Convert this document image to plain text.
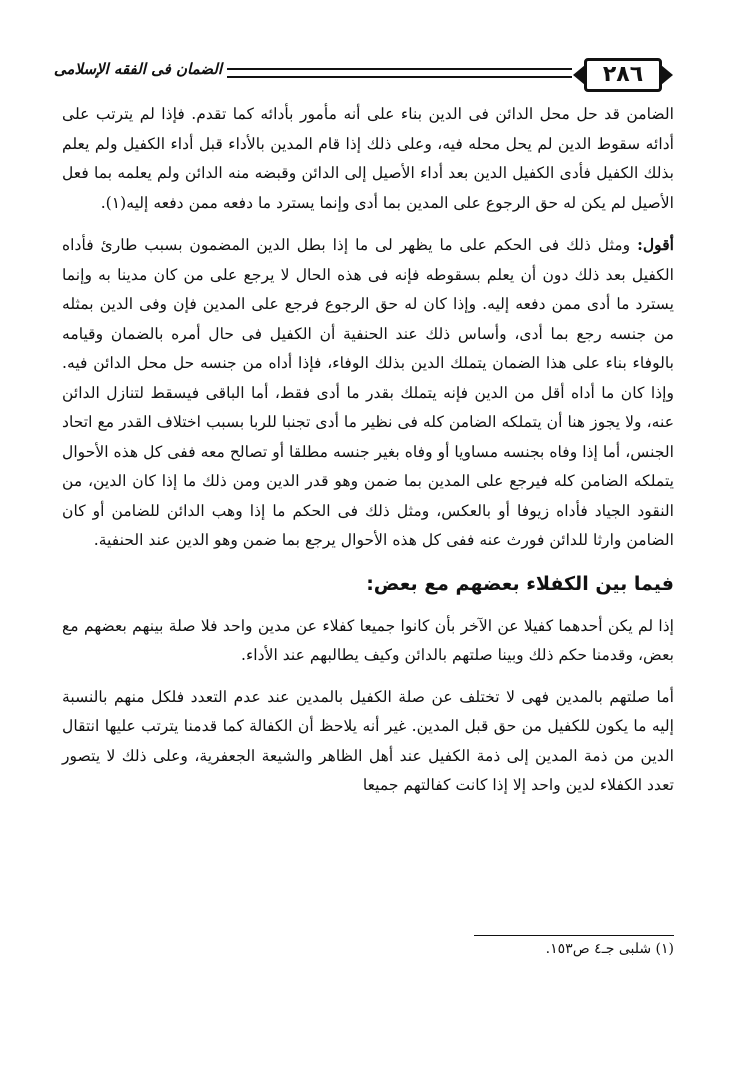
٢٨٦
الضمان فى الفقه الإسلامى

الضامن قد حل محل الدائن فى الدين بناء على أنه مأمور بأدائه كما تقدم. فإذا لم يترتب على أدائه سقوط الدين لم يحل محله فيه، وعلى ذلك إذا قام المدين بالأداء قبل أداء الكفيل ولم يعلم بذلك الكفيل فأدى الكفيل الدين بعد أداء الأصيل إلى الدائن وقبضه منه الدائن ولم يعلمه بما فعل الأصيل لم يكن له حق الرجوع على المدين بما أدى وإنما يسترد ما دفعه ممن دفعه إليه(١).

أقول: ومثل ذلك فى الحكم على ما يظهر لى ما إذا بطل الدين المضمون بسبب طارئ فأداه الكفيل بعد ذلك دون أن يعلم بسقوطه فإنه فى هذه الحال لا يرجع على من كان مدينا به وإنما يسترد ما أدى ممن دفعه إليه. وإذا كان له حق الرجوع فرجع على المدين فإن وفى الدين بمثله من جنسه رجع بما أدى، وأساس ذلك عند الحنفية أن الكفيل فى حال أمره بالضمان وقيامه بالوفاء بناء على هذا الضمان يتملك الدين بذلك الوفاء، فإذا أداه من جنسه حل محل الدائن فيه. وإذا كان ما أداه أقل من الدين فإنه يتملك بقدر ما أدى فقط، أما الباقى فيسقط لتنازل الدائن عنه، ولا يجوز هنا أن يتملكه الضامن كله فى نظير ما أدى تجنبا للربا بسبب اختلاف القدر مع اتحاد الجنس، أما إذا وفاه بجنسه مساويا أو وفاه بغير جنسه مطلقا أو تصالح معه ففى كل هذه الأحوال يتملكه الضامن كله فيرجع على المدين بما ضمن وهو قدر الدين ومن ذلك ما إذا كان الدين، من النقود الجياد فأداه زيوفا أو بالعكس، ومثل ذلك فى الحكم ما إذا وهب الدائن للضامن أو كان الضامن وارثا للدائن فورث عنه ففى كل هذه الأحوال يرجع بما ضمن وهو الدين عند الحنفية.

فيما بين الكفلاء بعضهم مع بعض:

إذا لم يكن أحدهما كفيلا عن الآخر بأن كانوا جميعا كفلاء عن مدين واحد فلا صلة بينهم بعضهم مع بعض، وقدمنا حكم ذلك وبينا صلتهم بالدائن وكيف يطالبهم عند الأداء.

أما صلتهم بالمدين فهى لا تختلف عن صلة الكفيل بالمدين عند عدم التعدد فلكل منهم بالنسبة إليه ما يكون للكفيل من حق قبل المدين. غير أنه يلاحظ أن الكفالة كما قدمنا يترتب عليها انتقال الدين من ذمة المدين إلى ذمة الكفيل عند أهل الظاهر والشيعة الجعفرية، وعلى ذلك لا يتصور تعدد الكفلاء لدين واحد إلا إذا كانت كفالتهم جميعا

(١) شلبى جـ٤ ص١٥٣.
